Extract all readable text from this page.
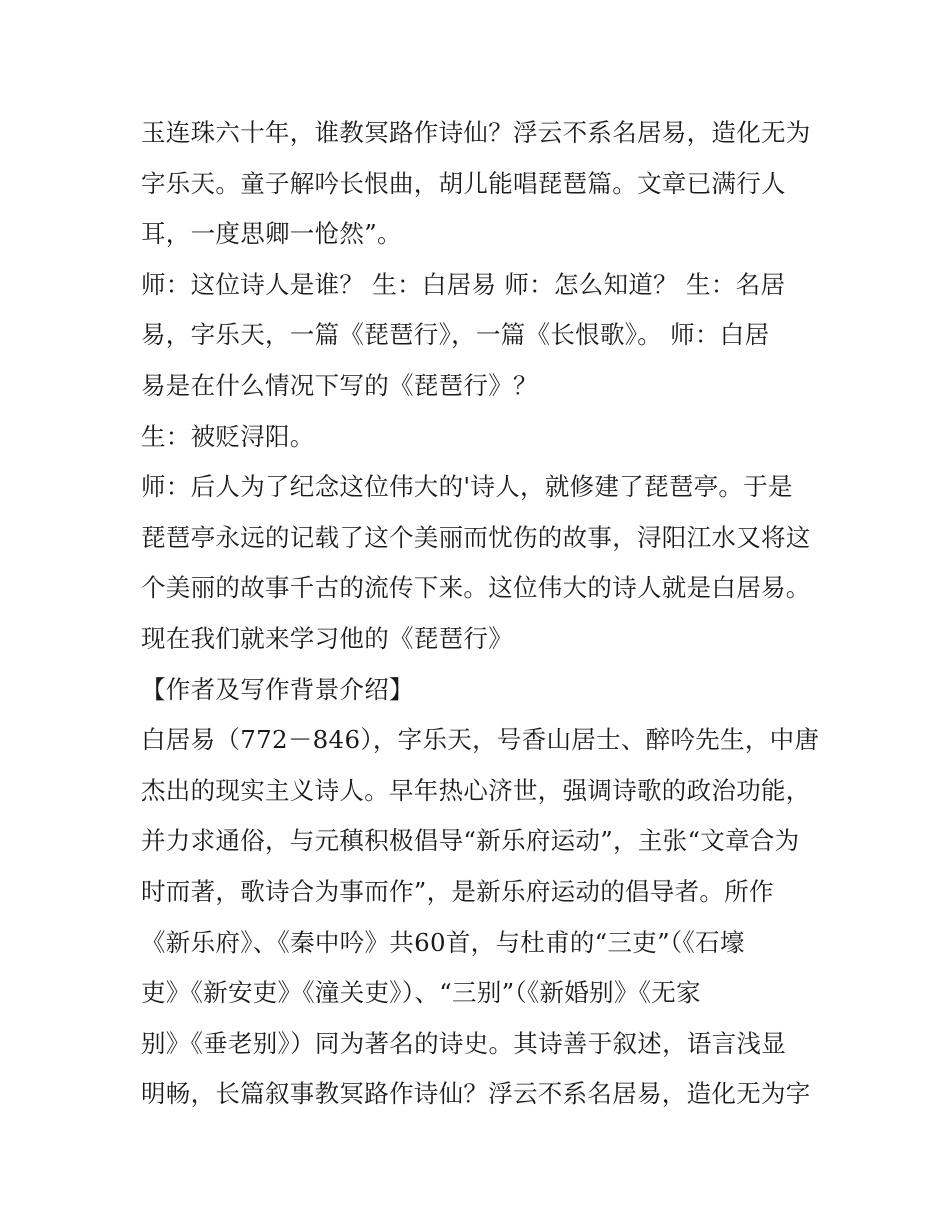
玉连珠六十年，谁教冥路作诗仙？浮云不系名居易，造化无为
字乐天。童子解吟长恨曲，胡儿能唱琵琶篇。文章已满行人
耳，一度思卿一怆然”。
师：这位诗人是谁？ 生：白居易 师：怎么知道？ 生：名居
易，字乐天，一篇《琵琶行》，一篇《长恨歌》。 师：白居
易是在什么情况下写的《琵琶行》？
生：被贬浔阳。
师：后人为了纪念这位伟大的'诗人，就修建了琵琶亭。于是
琵琶亭永远的记载了这个美丽而忧伤的故事，浔阳江水又将这
个美丽的故事千古的流传下来。这位伟大的诗人就是白居易。
现在我们就来学习他的《琵琶行》
【作者及写作背景介绍】
白居易（772－846），字乐天，号香山居士、醉吟先生，中唐
杰出的现实主义诗人。早年热心济世，强调诗歌的政治功能，
并力求通俗，与元稹积极倡导“新乐府运动”，主张“文章合为
时而著，歌诗合为事而作”，是新乐府运动的倡导者。所作
《新乐府》、《秦中吟》共60首，与杜甫的“三吏”（《石壕
吏》《新安吏》《潼关吏》）、“三别”（《新婚别》《无家
别》《垂老别》）同为著名的诗史。其诗善于叙述，语言浅显
明畅，长篇叙事教冥路作诗仙？浮云不系名居易，造化无为字
